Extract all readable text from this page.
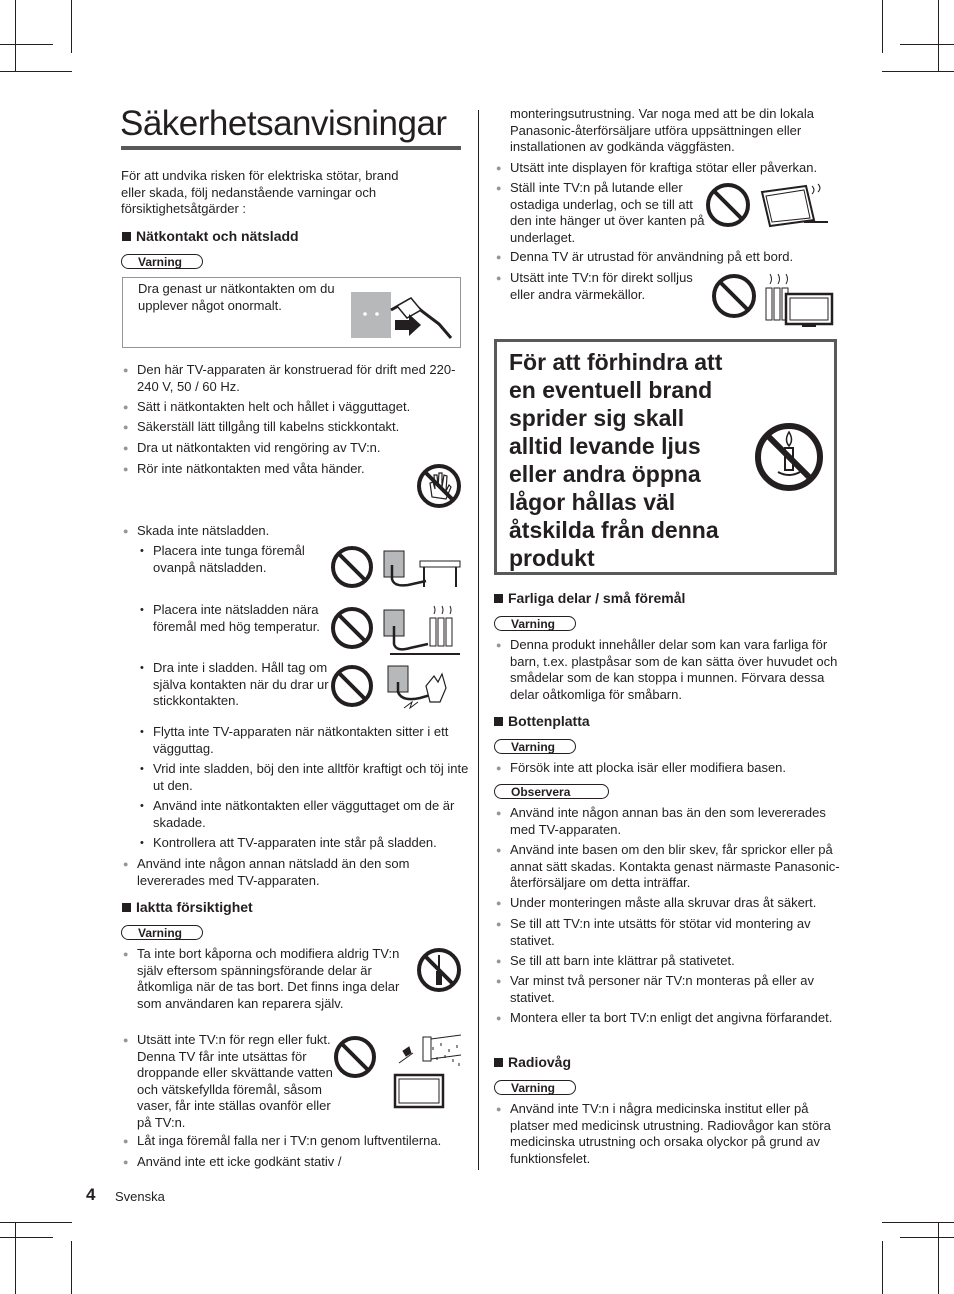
Säkerhetsanvisningar

För att undvika risken för elektriska stötar, brand eller skada, följ nedanstående varningar och försiktighetsåtgärder :

Nätkontakt och nätsladd

Varning

Dra genast ur nätkontakten om du upplever något onormalt.

● Den här TV-apparaten är konstruerad för drift med 220-240 V, 50 / 60 Hz.

● Sätt i nätkontakten helt och hållet i vägguttaget.

● Säkerställ lätt tillgång till kabelns stickkontakt.

● Dra ut nätkontakten vid rengöring av TV:n.

● Rör inte nätkontakten med våta händer.

● Skada inte nätsladden.

• Placera inte tunga föremål ovanpå nätsladden.

• Placera inte nätsladden nära föremål med hög temperatur.

• Dra inte i sladden. Håll tag om själva kontakten när du drar ur stickkontakten.

• Flytta inte TV-apparaten när nätkontakten sitter i ett vägguttag.

• Vrid inte sladden, böj den inte alltför kraftigt och töj inte ut den.

• Använd inte nätkontakten eller vägguttaget om de är skadade.

• Kontrollera att TV-apparaten inte står på sladden.

● Använd inte någon annan nätsladd än den som levererades med TV-apparaten.

Iaktta försiktighet

Varning

● Ta inte bort kåporna och modifiera aldrig TV:n själv eftersom spänningsförande delar är åtkomliga när de tas bort. Det finns inga delar som användaren kan reparera själv.

● Utsätt inte TV:n för regn eller fukt. Denna TV får inte utsättas för droppande eller skvättande vatten och vätskefyllda föremål, såsom vaser, får inte ställas ovanför eller på TV:n.

● Låt inga föremål falla ner i TV:n genom luftventilerna.

● Använd inte ett icke godkänt stativ /

4 Svenska

monteringsutrustning. Var noga med att be din lokala Panasonic-återförsäljare utföra uppsättningen eller installationen av godkända väggfästen.

● Utsätt inte displayen för kraftiga stötar eller påverkan.

● Ställ inte TV:n på lutande eller ostadiga underlag, och se till att den inte hänger ut över kanten på underlaget.

● Denna TV är utrustad för användning på ett bord.

● Utsätt inte TV:n för direkt solljus eller andra värmekällor.

För att förhindra att en eventuell brand sprider sig skall alltid levande ljus eller andra öppna lågor hållas väl åtskilda från denna produkt

Farliga delar / små föremål

Varning

● Denna produkt innehåller delar som kan vara farliga för barn, t.ex. plastpåsar som de kan sätta över huvudet och smådelar som de kan stoppa i munnen. Förvara dessa delar oåtkomliga för småbarn.

Bottenplatta

Varning

● Försök inte att plocka isär eller modifiera basen.

Observera

● Använd inte någon annan bas än den som levererades med TV-apparaten.

● Använd inte basen om den blir skev, får sprickor eller på annat sätt skadas. Kontakta genast närmaste Panasonic-återförsäljare om detta inträffar.

● Under monteringen måste alla skruvar dras åt säkert.

● Se till att TV:n inte utsätts för stötar vid montering av stativet.

● Se till att barn inte klättrar på stativetet.

● Var minst två personer när TV:n monteras på eller av stativet.

● Montera eller ta bort TV:n enligt det angivna förfarandet.

Radiovåg

Varning

● Använd inte TV:n i några medicinska institut eller på platser med medicinsk utrustning. Radiovågor kan störa medicinska utrustning och orsaka olyckor på grund av funktionsfelet.
